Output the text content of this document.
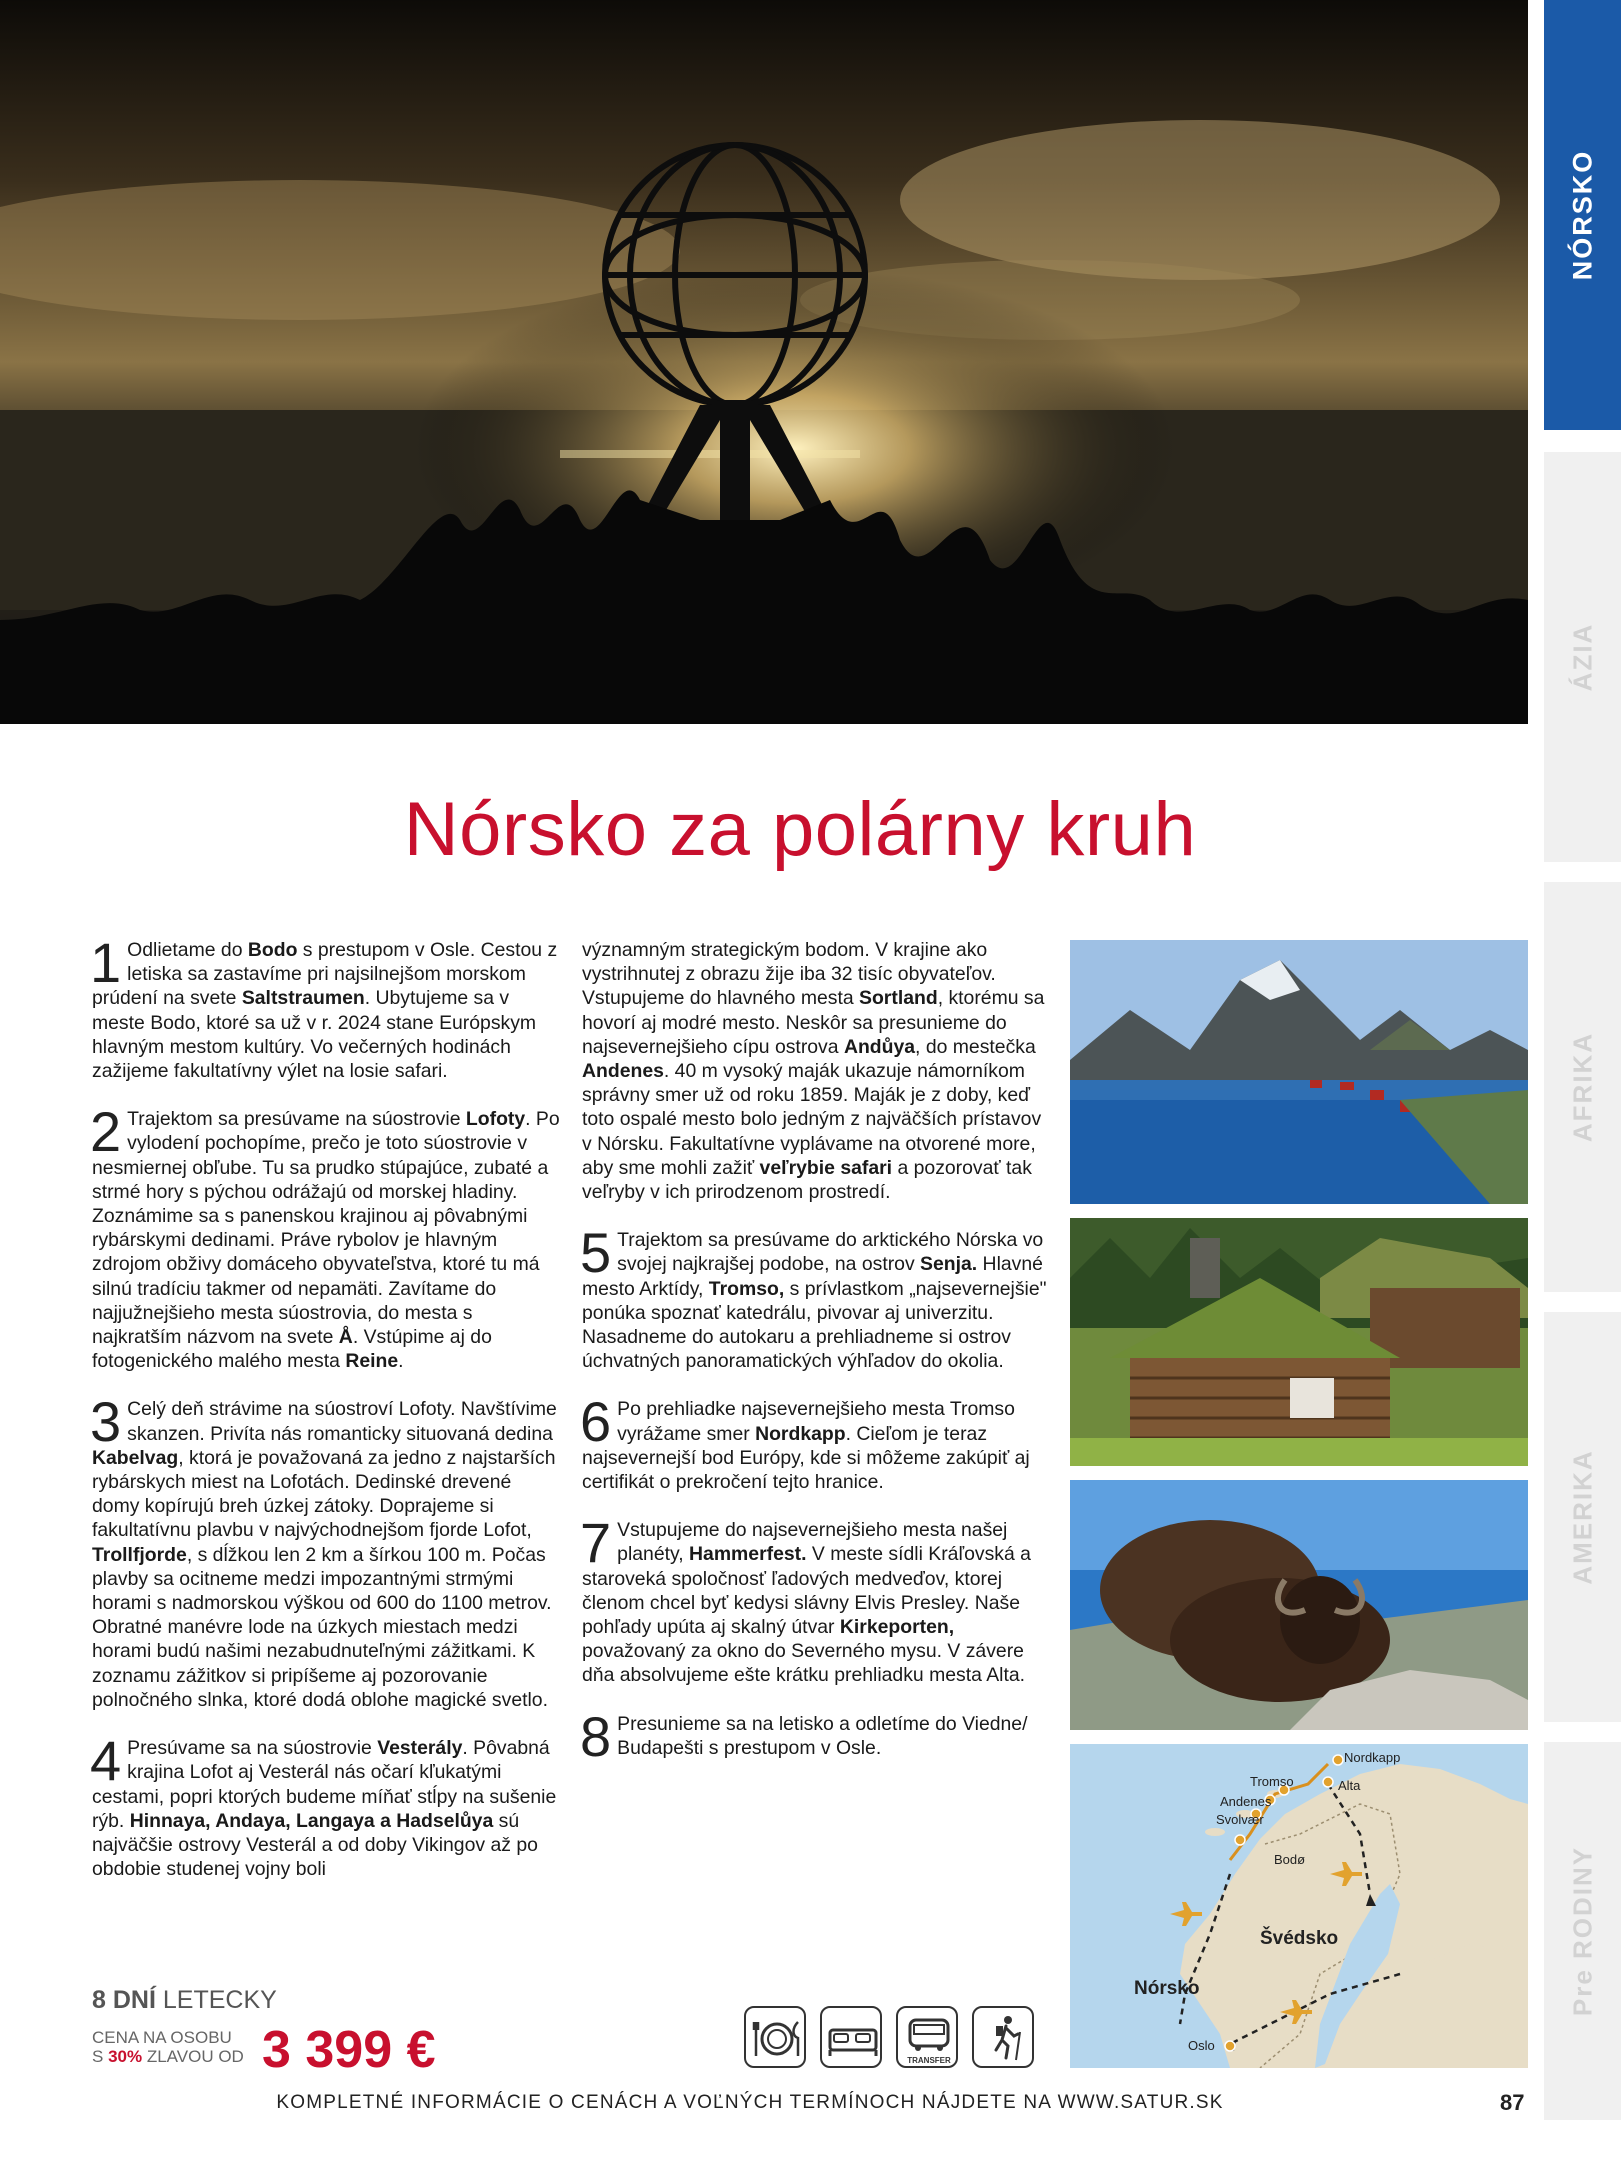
NÓRSKO
ÁZIA
AFRIKA
AMERIKA
Pre RODINY
Nórsko za polárny kruh
1 Odlietame do Bodo s prestupom v Osle. Cestou z letiska sa zastavíme pri najsilnejšom morskom prúdení na svete Saltstraumen. Ubytujeme sa v meste Bodo, ktoré sa už v r. 2024 stane Európskym hlavným mestom kultúry. Vo večerných hodinách zažijeme fakultatívny výlet na losie safari.

2 Trajektom sa presúvame na súostrovie Lofoty. Po vylodení pochopíme, prečo je toto súostrovie v nesmiernej obľube. Tu sa prudko stúpajúce, zubaté a strmé hory s pýchou odrážajú od morskej hladiny. Zoznámime sa s panenskou krajinou aj pôvabnými rybárskymi dedinami. Práve rybolov je hlavným zdrojom obživy domáceho obyvateľstva, ktoré tu má silnú tradíciu takmer od nepamäti. Zavítame do najjužnejšieho mesta súostrovia, do mesta s najkratším názvom na svete Å. Vstúpime aj do fotogenického malého mesta Reine.

3 Celý deň strávime na súostroví Lofoty. Navštívime skanzen. Privíta nás romanticky situovaná dedina Kabelvag, ktorá je považovaná za jedno z najstarších rybárskych miest na Lofotách. Dedinské drevené domy kopírujú breh úzkej zátoky. Doprajeme si fakultatívnu plavbu v najvýchodnejšom fjorde Lofot, Trollfjorde, s dĺžkou len 2 km a šírkou 100 m. Počas plavby sa ocitneme medzi impozantnými strmými horami s nadmorskou výškou od 600 do 1100 metrov. Obratné manévre lode na úzkych miestach medzi horami budú našimi nezabudnuteľnými zážitkami. K zoznamu zážitkov si pripíšeme aj pozorovanie polnočného slnka, ktoré dodá oblohe magické svetlo.

4 Presúvame sa na súostrovie Vesterály. Pôvabná krajina Lofot aj Vesterál nás očarí kľukatými cestami, popri ktorých budeme míňať stĺpy na sušenie rýb. Hinnaya, Andaya, Langaya a Hadselůya sú najväčšie ostrovy Vesterál a od doby Vikingov až po obdobie studenej vojny boli

významným strategickým bodom. V krajine ako vystrihnutej z obrazu žije iba 32 tisíc obyvateľov. Vstupujeme do hlavného mesta Sortland, ktorému sa hovorí aj modré mesto. Neskôr sa presunieme do najsevernejšieho cípu ostrova Andůya, do mestečka Andenes. 40 m vysoký maják ukazuje námorníkom správny smer už od roku 1859. Maják je z doby, keď toto ospalé mesto bolo jedným z najväčších prístavov v Nórsku. Fakultatívne vyplávame na otvorené more, aby sme mohli zažiť veľrybie safari a pozorovať tak veľryby v ich prirodzenom prostredí.

5 Trajektom sa presúvame do arktického Nórska vo svojej najkrajšej podobe, na ostrov Senja. Hlavné mesto Arktídy, Tromso, s prívlastkom „najsevernejšie" ponúka spoznať katedrálu, pivovar aj univerzitu. Nasadneme do autokaru a prehliadneme si ostrov úchvatných panoramatických výhľadov do okolia.

6 Po prehliadke najsevernejšieho mesta Tromso vyrážame smer Nordkapp. Cieľom je teraz najsevernejší bod Európy, kde si môžeme zakúpiť aj certifikát o prekročení tejto hranice.

7 Vstupujeme do najsevernejšieho mesta našej planéty, Hammerfest. V meste sídli Kráľovská a staroveká spoločnosť ľadových medveďov, ktorej členom chcel byť kedysi slávny Elvis Presley. Naše pohľady upúta aj skalný útvar Kirkeporten, považovaný za okno do Severného mysu. V závere dňa absolvujeme ešte krátku prehliadku mesta Alta.

8 Presunieme sa na letisko a odletíme do Viedne/ Budapešti s prestupom v Osle.	Nordkapp
Alta
Tromso
Andenes
Svolvær
Bodø
Švédsko
Nórsko
Oslo
8 DNÍ LETECKY
CENA NA OSOBU
S 30% ZLAVOU OD 3 399 €	TRANSFER
KOMPLETNÉ INFORMÁCIE O CENÁCH A VOĽNÝCH TERMÍNOCH NÁJDETE NA WWW.SATUR.SK	87
